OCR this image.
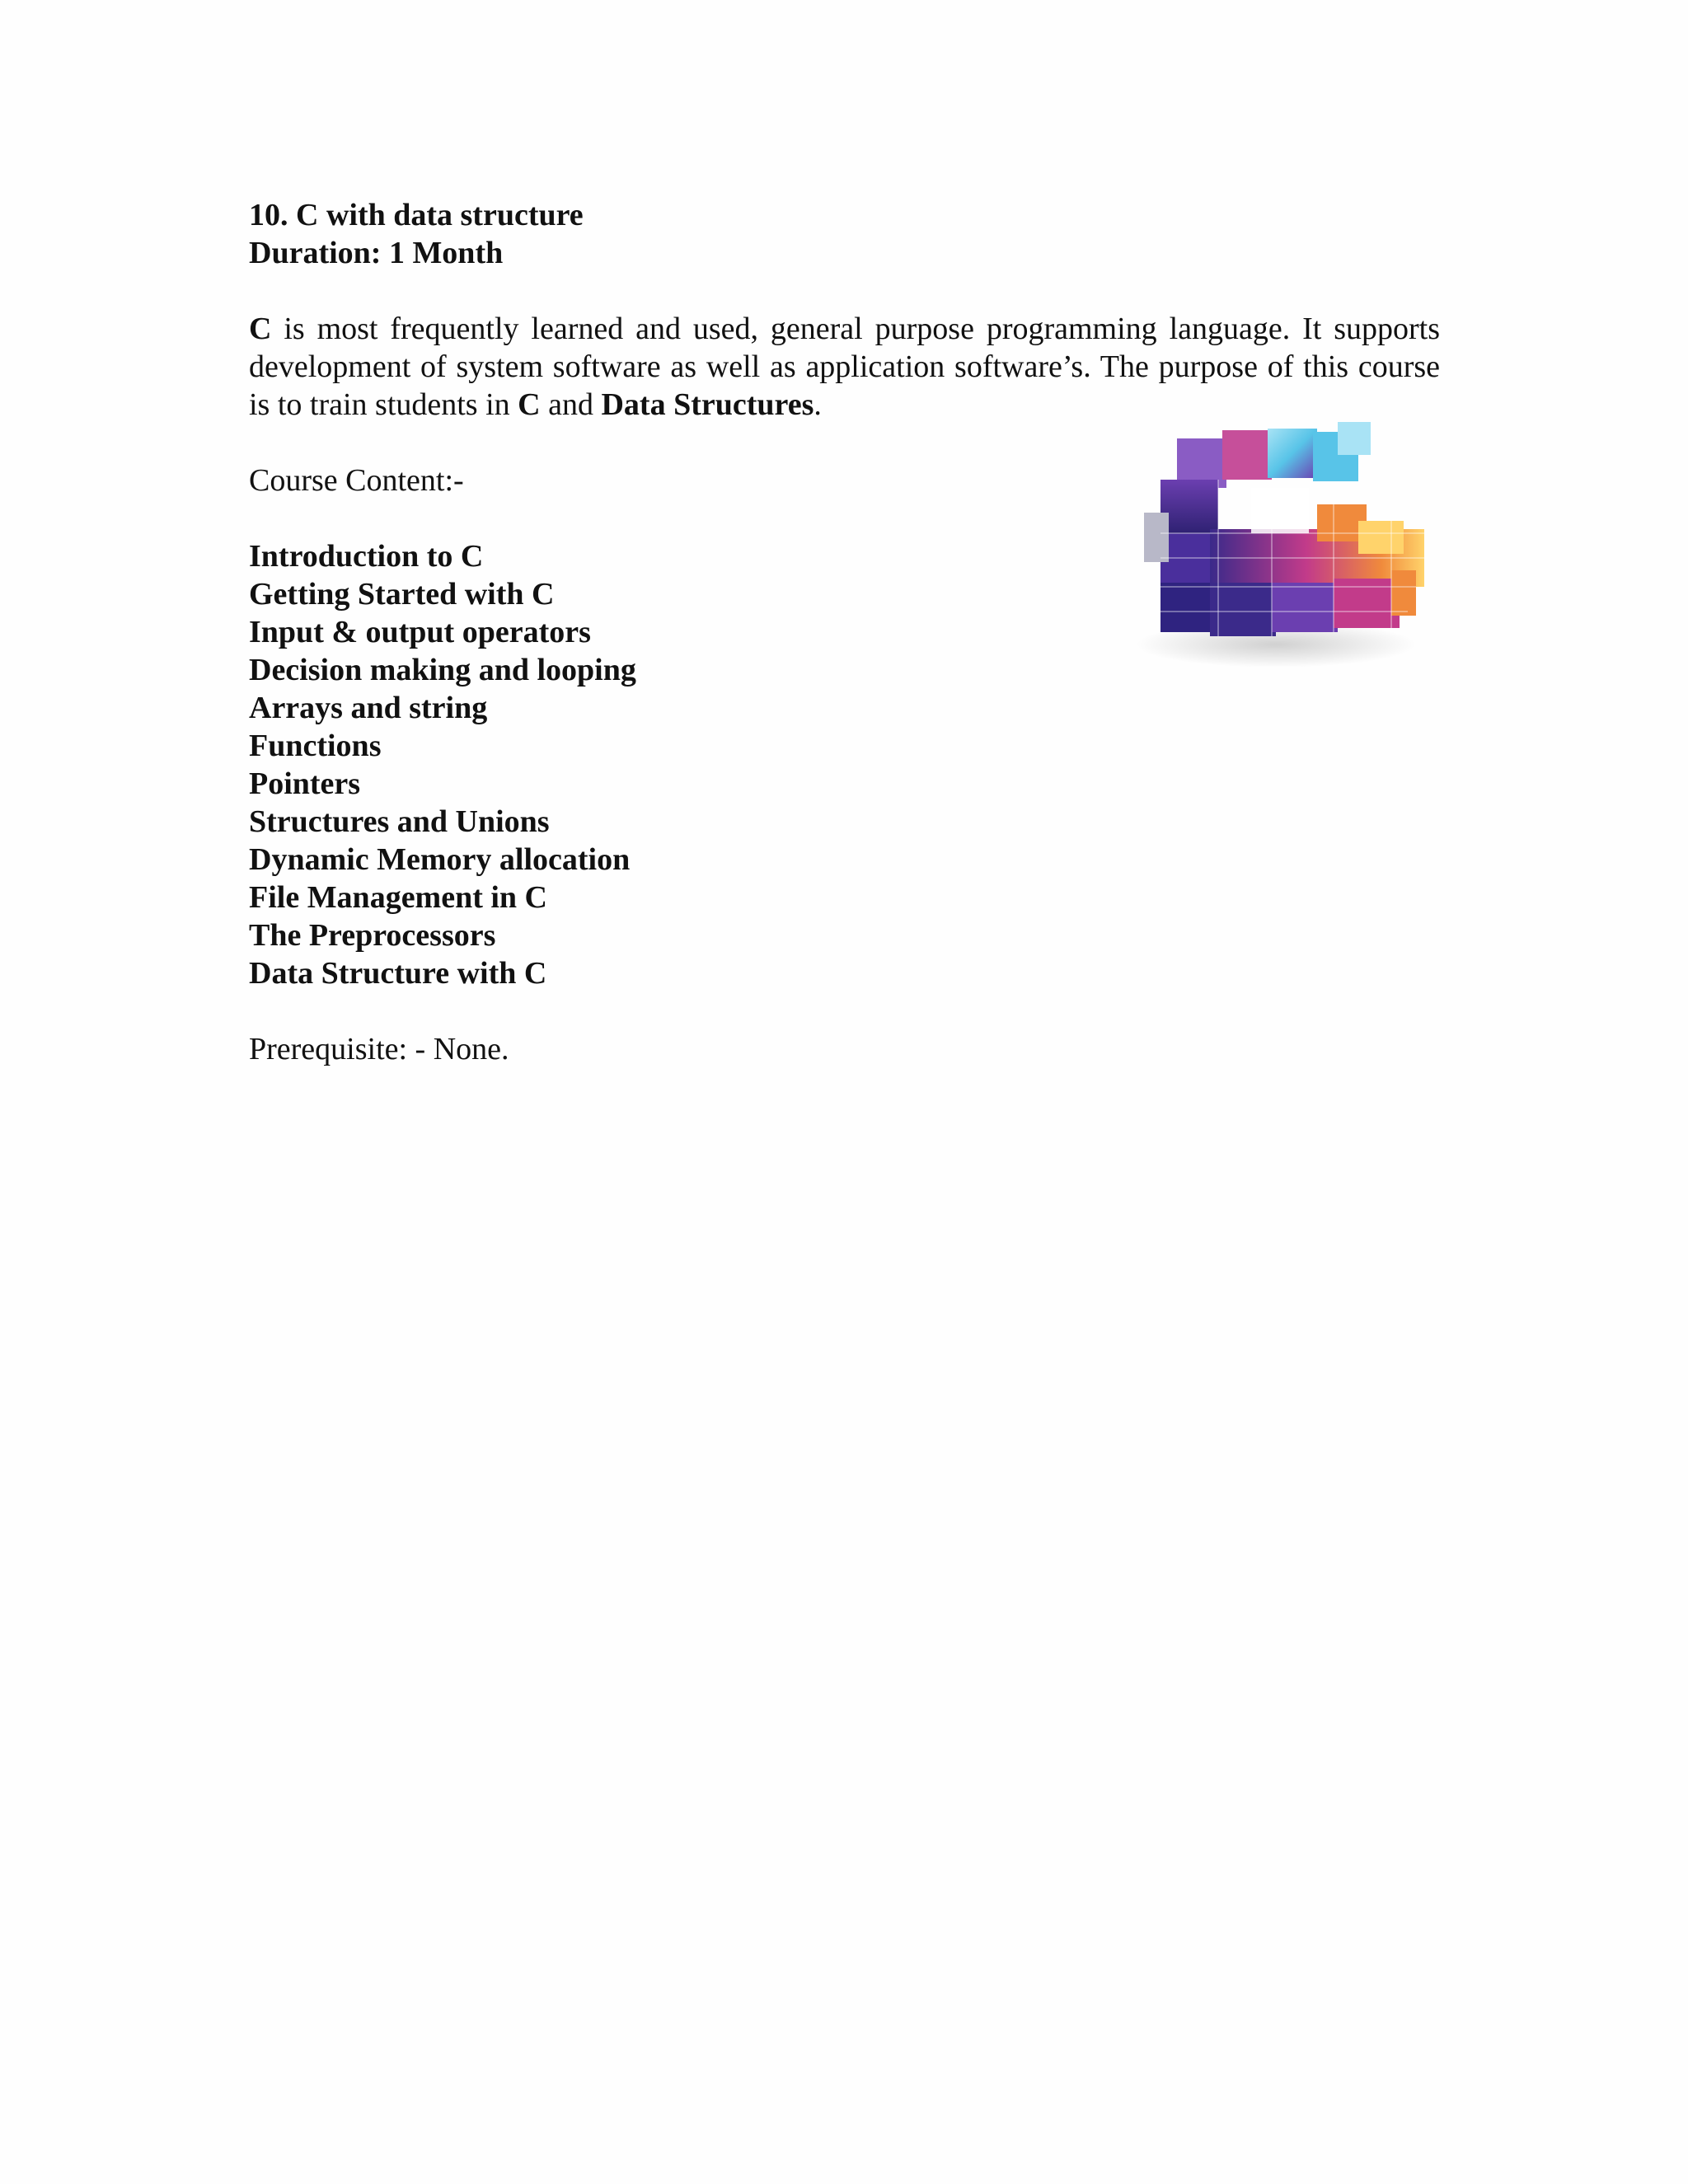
10. C with data structure
Duration: 1 Month

C is most frequently learned and used, general purpose programming language. It supports development of system software as well as application software’s. The purpose of this course is to train students in C and Data Structures.

Course Content:-
Introduction to C
Getting Started with C
Input & output operators
Decision making and looping
Arrays and string
Functions
Pointers
Structures and Unions
Dynamic Memory allocation
File Management in C
The Preprocessors
Data Structure with C
Prerequisite: - None.
